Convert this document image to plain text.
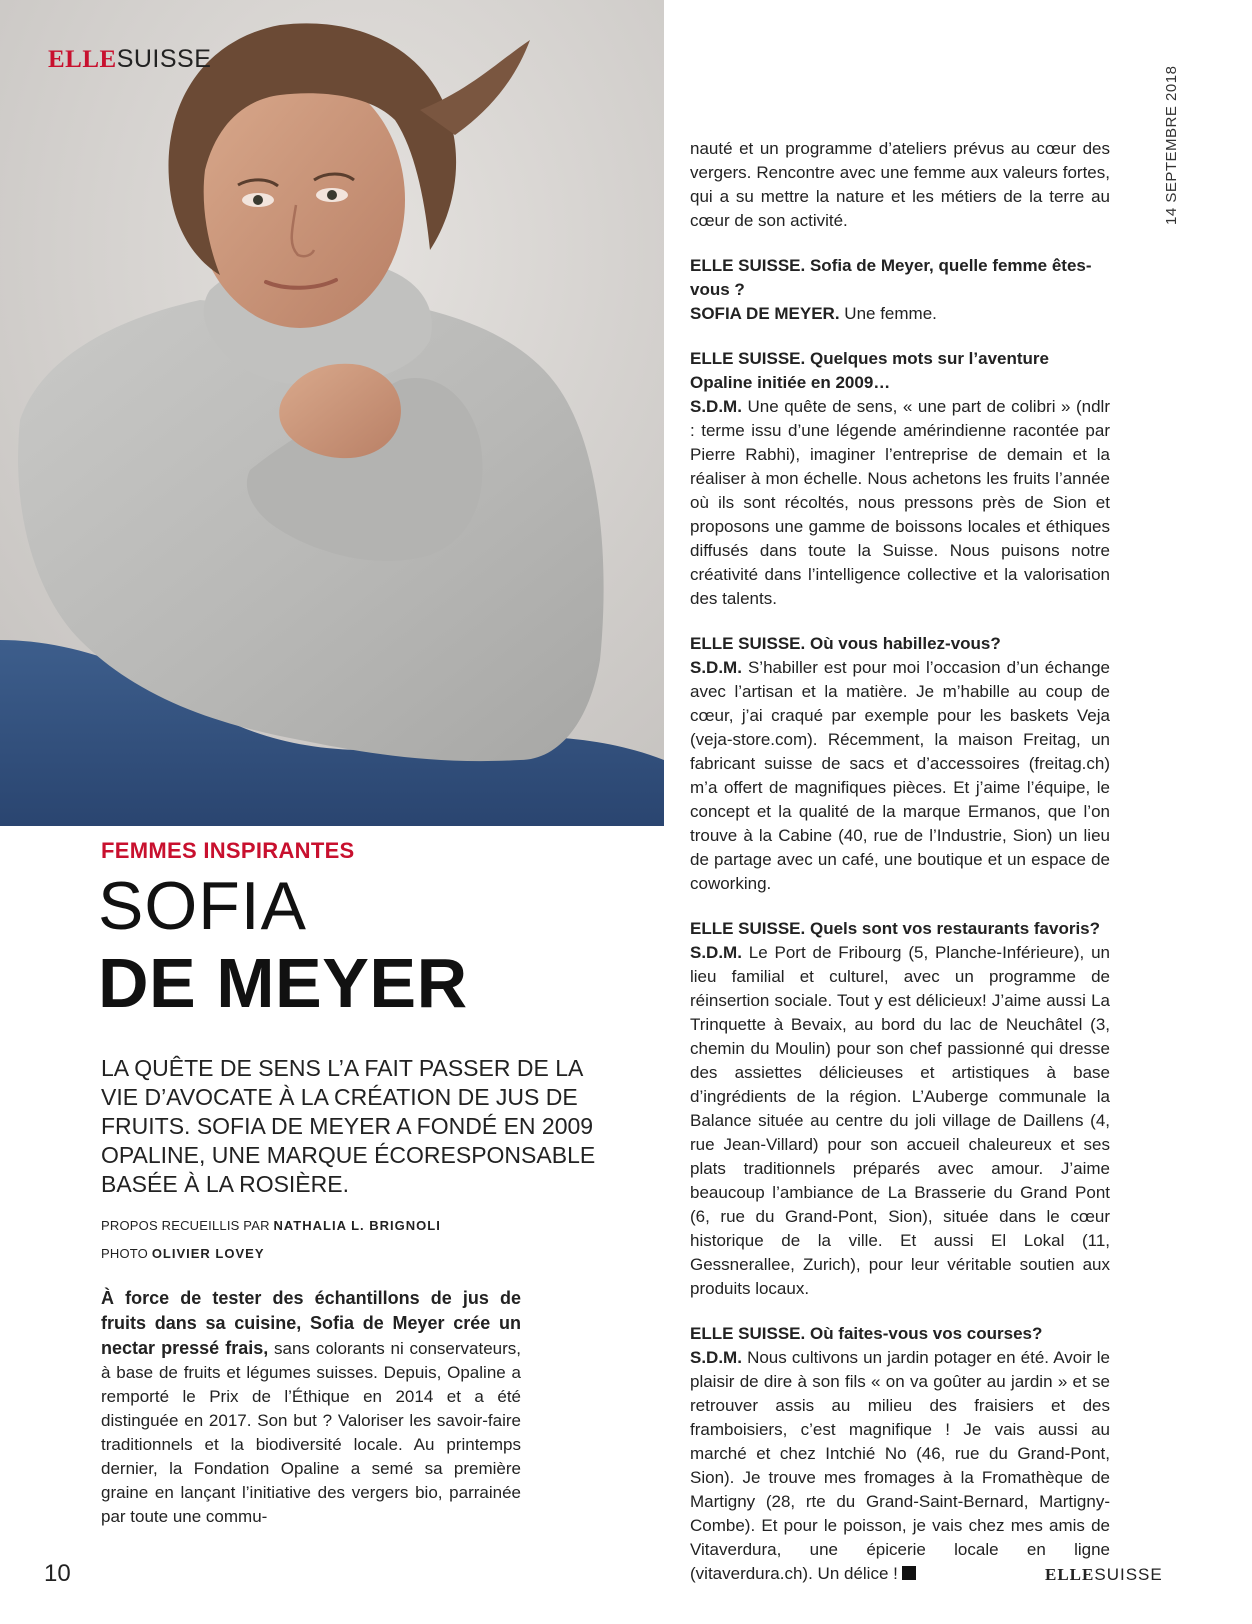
ELLESUISSE
14 SEPTEMBRE 2018
FEMMES INSPIRANTES
SOFIA
DE MEYER
LA QUÊTE DE SENS L’A FAIT PASSER DE LA VIE D’AVOCATE À LA CRÉATION DE JUS DE FRUITS. SOFIA DE MEYER A FONDÉ EN 2009 OPALINE, UNE MARQUE ÉCORESPONSABLE BASÉE À LA ROSIÈRE.
PROPOS RECUEILLIS PAR NATHALIA L. BRIGNOLI
PHOTO OLIVIER LOVEY

À force de tester des échantillons de jus de fruits dans sa cuisine, Sofia de Meyer crée un nectar pressé frais, sans colorants ni conservateurs, à base de fruits et légumes suisses. Depuis, Opaline a remporté le Prix de l’Éthique en 2014 et a été distinguée en 2017. Son but ? Valoriser les savoir-faire traditionnels et la biodiversité locale. Au printemps dernier, la Fondation Opaline a semé sa première graine en lançant l’initiative des vergers bio, parrainée par toute une commu-

nauté et un programme d’ateliers prévus au cœur des vergers. Rencontre avec une femme aux valeurs fortes, qui a su mettre la nature et les métiers de la terre au cœur de son activité.

ELLE SUISSE. Sofia de Meyer, quelle femme êtes-vous ?

SOFIA DE MEYER. Une femme.

ELLE SUISSE. Quelques mots sur l’aventure Opaline initiée en 2009…

S.D.M. Une quête de sens, « une part de colibri » (ndlr : terme issu d’une légende amérindienne racontée par Pierre Rabhi), imaginer l’entreprise de demain et la réaliser à mon échelle. Nous achetons les fruits l’année où ils sont récoltés, nous pressons près de Sion et proposons une gamme de boissons locales et éthiques diffusés dans toute la Suisse. Nous puisons notre créativité dans l’intelligence collective et la valorisation des talents.

ELLE SUISSE. Où vous habillez-vous?

S.D.M. S’habiller est pour moi l’occasion d’un échange avec l’artisan et la matière. Je m’habille au coup de cœur, j’ai craqué par exemple pour les baskets Veja (veja-store.com). Récemment, la maison Freitag, un fabricant suisse de sacs et d’accessoires (freitag.ch) m’a offert de magnifiques pièces. Et j’aime l’équipe, le concept et la qualité de la marque Ermanos, que l’on trouve à la Cabine (40, rue de l’Industrie, Sion) un lieu de partage avec un café, une boutique et un espace de coworking.

ELLE SUISSE. Quels sont vos restaurants favoris?

S.D.M. Le Port de Fribourg (5, Planche-Inférieure), un lieu familial et culturel, avec un programme de réinsertion sociale. Tout y est délicieux! J’aime aussi La Trinquette à Bevaix, au bord du lac de Neuchâtel (3, chemin du Moulin) pour son chef passionné qui dresse des assiettes délicieuses et artistiques à base d’ingrédients de la région. L’Auberge communale la Balance située au centre du joli village de Daillens (4, rue Jean-Villard) pour son accueil chaleureux et ses plats traditionnels préparés avec amour. J’aime beaucoup l’ambiance de La Brasserie du Grand Pont (6, rue du Grand-Pont, Sion), située dans le cœur historique de la ville. Et aussi El Lokal (11, Gessnerallee, Zurich), pour leur véritable soutien aux produits locaux.

ELLE SUISSE. Où faites-vous vos courses?

S.D.M. Nous cultivons un jardin potager en été. Avoir le plaisir de dire à son fils « on va goûter au jardin » et se retrouver assis au milieu des fraisiers et des framboisiers, c’est magnifique ! Je vais aussi au marché et chez Intchié No (46, rue du Grand-Pont, Sion). Je trouve mes fromages à la Fromathèque de Martigny (28, rte du Grand-Saint-Bernard, Martigny-Combe). Et pour le poisson, je vais chez mes amis de Vitaverdura, une épicerie locale en ligne (vitaverdura.ch). Un délice !

10	ELLESUISSE
